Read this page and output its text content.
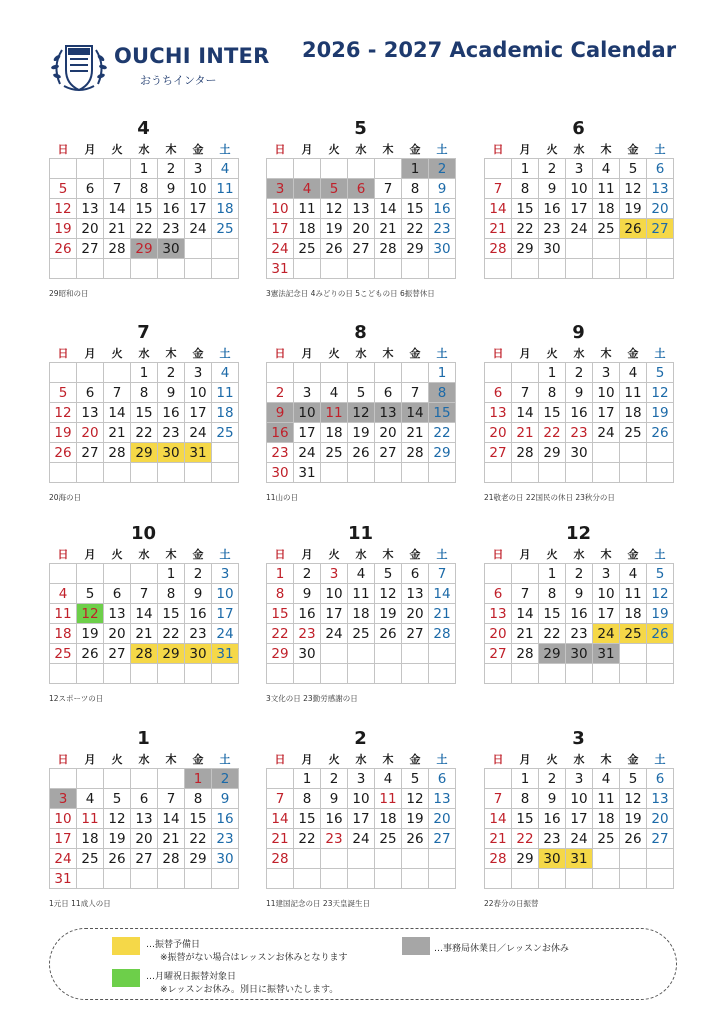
OUCHI INTER
おうちインター
2026 - 2027 Academic Calendar
4
日	月	火	水	木	金	土
			1	2	3	4
5	6	7	8	9	10	11
12	13	14	15	16	17	18
19	20	21	22	23	24	25
26	27	28	29	30		

29昭和の日
5
日	月	火	水	木	金	土
					1	2
3	4	5	6	7	8	9
10	11	12	13	14	15	16
17	18	19	20	21	22	23
24	25	26	27	28	29	30
31						
3憲法記念日 4みどりの日 5こどもの日 6振替休日
6
日	月	火	水	木	金	土
	1	2	3	4	5	6
7	8	9	10	11	12	13
14	15	16	17	18	19	20
21	22	23	24	25	26	27
28	29	30				

7
日	月	火	水	木	金	土
			1	2	3	4
5	6	7	8	9	10	11
12	13	14	15	16	17	18
19	20	21	22	23	24	25
26	27	28	29	30	31	

20海の日
8
日	月	火	水	木	金	土
						1
2	3	4	5	6	7	8
9	10	11	12	13	14	15
16	17	18	19	20	21	22
23	24	25	26	27	28	29
30	31					
11山の日
9
日	月	火	水	木	金	土
		1	2	3	4	5
6	7	8	9	10	11	12
13	14	15	16	17	18	19
20	21	22	23	24	25	26
27	28	29	30			

21敬老の日 22国民の休日 23秋分の日
10
日	月	火	水	木	金	土
				1	2	3
4	5	6	7	8	9	10
11	12	13	14	15	16	17
18	19	20	21	22	23	24
25	26	27	28	29	30	31

12スポーツの日
11
日	月	火	水	木	金	土
1	2	3	4	5	6	7
8	9	10	11	12	13	14
15	16	17	18	19	20	21
22	23	24	25	26	27	28
29	30					

3文化の日 23勤労感謝の日
12
日	月	火	水	木	金	土
		1	2	3	4	5
6	7	8	9	10	11	12
13	14	15	16	17	18	19
20	21	22	23	24	25	26
27	28	29	30	31		

1
日	月	火	水	木	金	土
					1	2
3	4	5	6	7	8	9
10	11	12	13	14	15	16
17	18	19	20	21	22	23
24	25	26	27	28	29	30
31						
1元日 11成人の日
2
日	月	火	水	木	金	土
	1	2	3	4	5	6
7	8	9	10	11	12	13
14	15	16	17	18	19	20
21	22	23	24	25	26	27
28						

11建国記念の日 23天皇誕生日
3
日	月	火	水	木	金	土
	1	2	3	4	5	6
7	8	9	10	11	12	13
14	15	16	17	18	19	20
21	22	23	24	25	26	27
28	29	30	31			

22春分の日振替
…振替予備日
※振替がない場合はレッスンお休みとなります
…事務局休業日／レッスンお休み
…月曜祝日振替対象日
※レッスンお休み。別日に振替いたします。
